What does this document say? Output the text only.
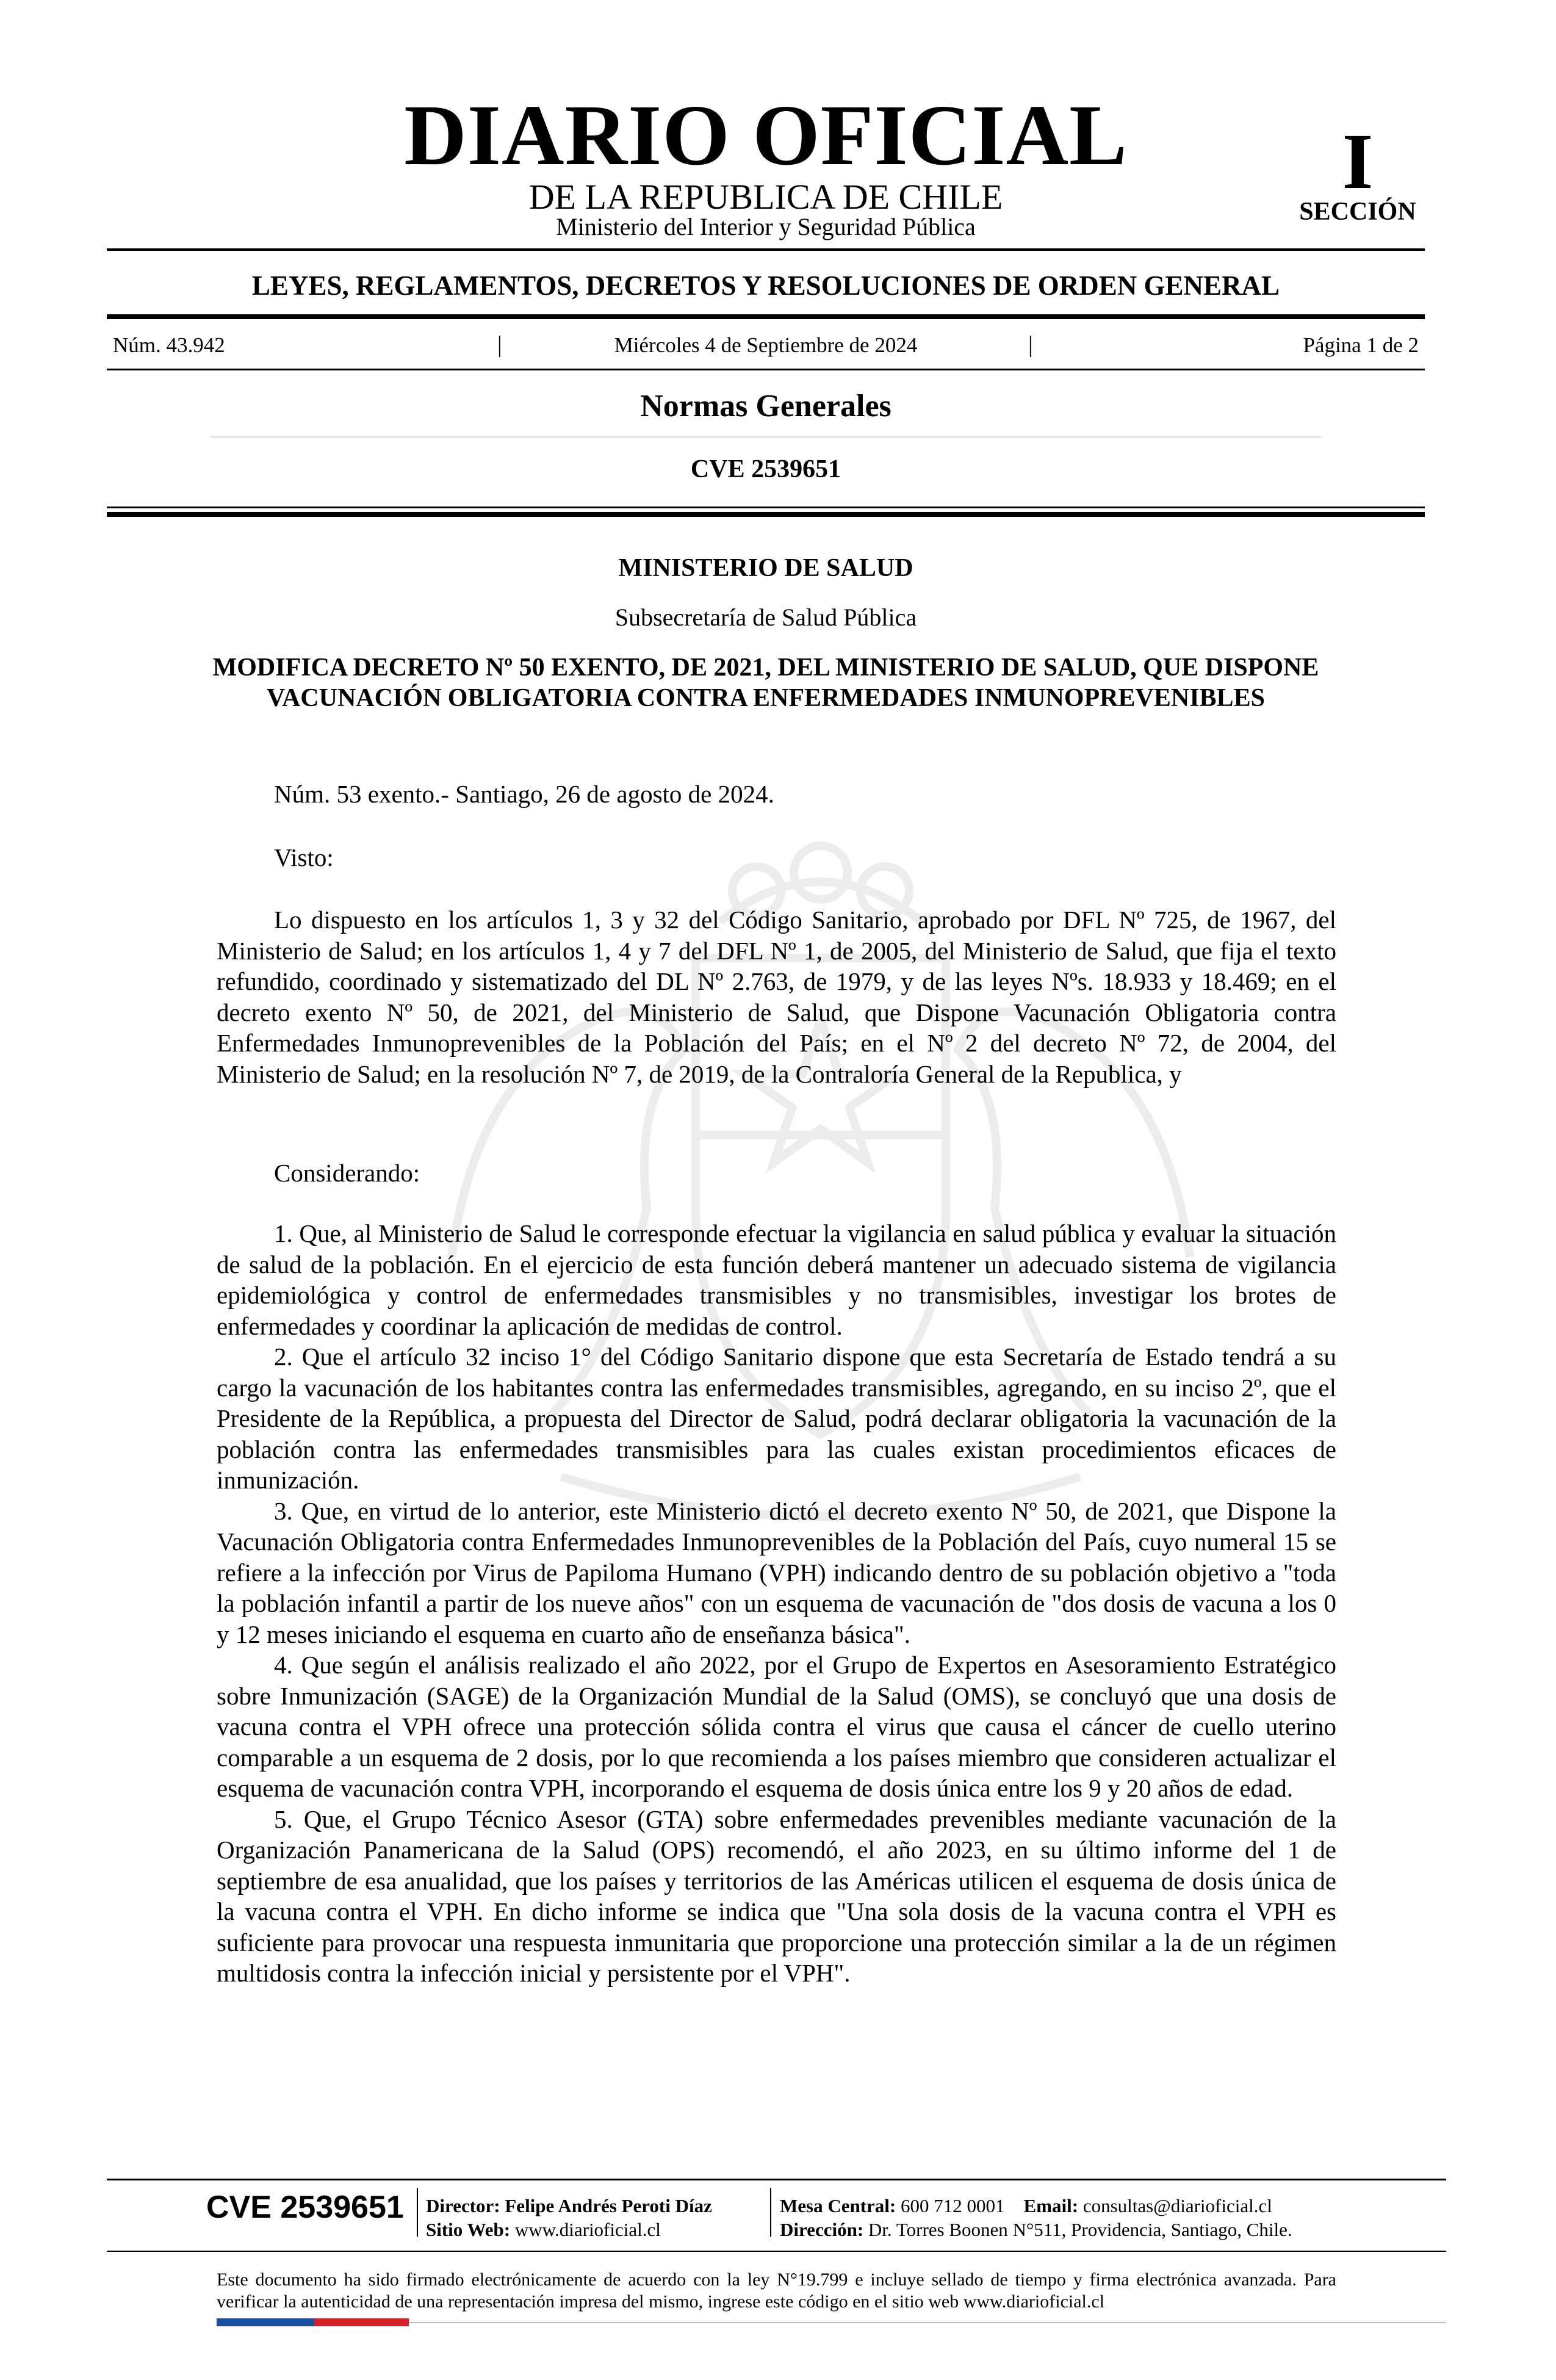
DIARIO OFICIAL
DE LA REPUBLICA DE CHILE
Ministerio del Interior y Seguridad Pública
I
SECCIÓN
LEYES, REGLAMENTOS, DECRETOS Y RESOLUCIONES DE ORDEN GENERAL
Núm. 43.942	|	Miércoles 4 de Septiembre de 2024	|	Página 1 de 2
Normas Generales
CVE 2539651
MINISTERIO DE SALUD
Subsecretaría de Salud Pública
MODIFICA DECRETO Nº 50 EXENTO, DE 2021, DEL MINISTERIO DE SALUD, QUE DISPONE VACUNACIÓN OBLIGATORIA CONTRA ENFERMEDADES INMUNOPREVENIBLES

Núm. 53 exento.- Santiago, 26 de agosto de 2024.

Visto:

Lo dispuesto en los artículos 1, 3 y 32 del Código Sanitario, aprobado por DFL Nº 725, de 1967, del Ministerio de Salud; en los artículos 1, 4 y 7 del DFL Nº 1, de 2005, del Ministerio de Salud, que fija el texto refundido, coordinado y sistematizado del DL Nº 2.763, de 1979, y de las leyes Nºs. 18.933 y 18.469; en el decreto exento Nº 50, de 2021, del Ministerio de Salud, que Dispone Vacunación Obligatoria contra Enfermedades Inmunoprevenibles de la Población del País; en el Nº 2 del decreto Nº 72, de 2004, del Ministerio de Salud; en la resolución Nº 7, de 2019, de la Contraloría General de la Republica, y

Considerando:

1. Que, al Ministerio de Salud le corresponde efectuar la vigilancia en salud pública y evaluar la situación de salud de la población. En el ejercicio de esta función deberá mantener un adecuado sistema de vigilancia epidemiológica y control de enfermedades transmisibles y no transmisibles, investigar los brotes de enfermedades y coordinar la aplicación de medidas de control.

2. Que el artículo 32 inciso 1° del Código Sanitario dispone que esta Secretaría de Estado tendrá a su cargo la vacunación de los habitantes contra las enfermedades transmisibles, agregando, en su inciso 2º, que el Presidente de la República, a propuesta del Director de Salud, podrá declarar obligatoria la vacunación de la población contra las enfermedades transmisibles para las cuales existan procedimientos eficaces de inmunización.

3. Que, en virtud de lo anterior, este Ministerio dictó el decreto exento Nº 50, de 2021, que Dispone la Vacunación Obligatoria contra Enfermedades Inmunoprevenibles de la Población del País, cuyo numeral 15 se refiere a la infección por Virus de Papiloma Humano (VPH) indicando dentro de su población objetivo a "toda la población infantil a partir de los nueve años" con un esquema de vacunación de "dos dosis de vacuna a los 0 y 12 meses iniciando el esquema en cuarto año de enseñanza básica".

4. Que según el análisis realizado el año 2022, por el Grupo de Expertos en Asesoramiento Estratégico sobre Inmunización (SAGE) de la Organización Mundial de la Salud (OMS), se concluyó que una dosis de vacuna contra el VPH ofrece una protección sólida contra el virus que causa el cáncer de cuello uterino comparable a un esquema de 2 dosis, por lo que recomienda a los países miembro que consideren actualizar el esquema de vacunación contra VPH, incorporando el esquema de dosis única entre los 9 y 20 años de edad.

5. Que, el Grupo Técnico Asesor (GTA) sobre enfermedades prevenibles mediante vacunación de la Organización Panamericana de la Salud (OPS) recomendó, el año 2023, en su último informe del 1 de septiembre de esa anualidad, que los países y territorios de las Américas utilicen el esquema de dosis única de la vacuna contra el VPH. En dicho informe se indica que "Una sola dosis de la vacuna contra el VPH es suficiente para provocar una respuesta inmunitaria que proporcione una protección similar a la de un régimen multidosis contra la infección inicial y persistente por el VPH".

CVE 2539651 Director: Felipe Andrés Peroti Díaz
Sitio Web: www.diarioficial.cl
Mesa Central: 600 712 0001 Email: consultas@diarioficial.cl
Dirección: Dr. Torres Boonen N°511, Providencia, Santiago, Chile.
Este documento ha sido firmado electrónicamente de acuerdo con la ley N°19.799 e incluye sellado de tiempo y firma electrónica avanzada. Para verificar la autenticidad de una representación impresa del mismo, ingrese este código en el sitio web www.diarioficial.cl
